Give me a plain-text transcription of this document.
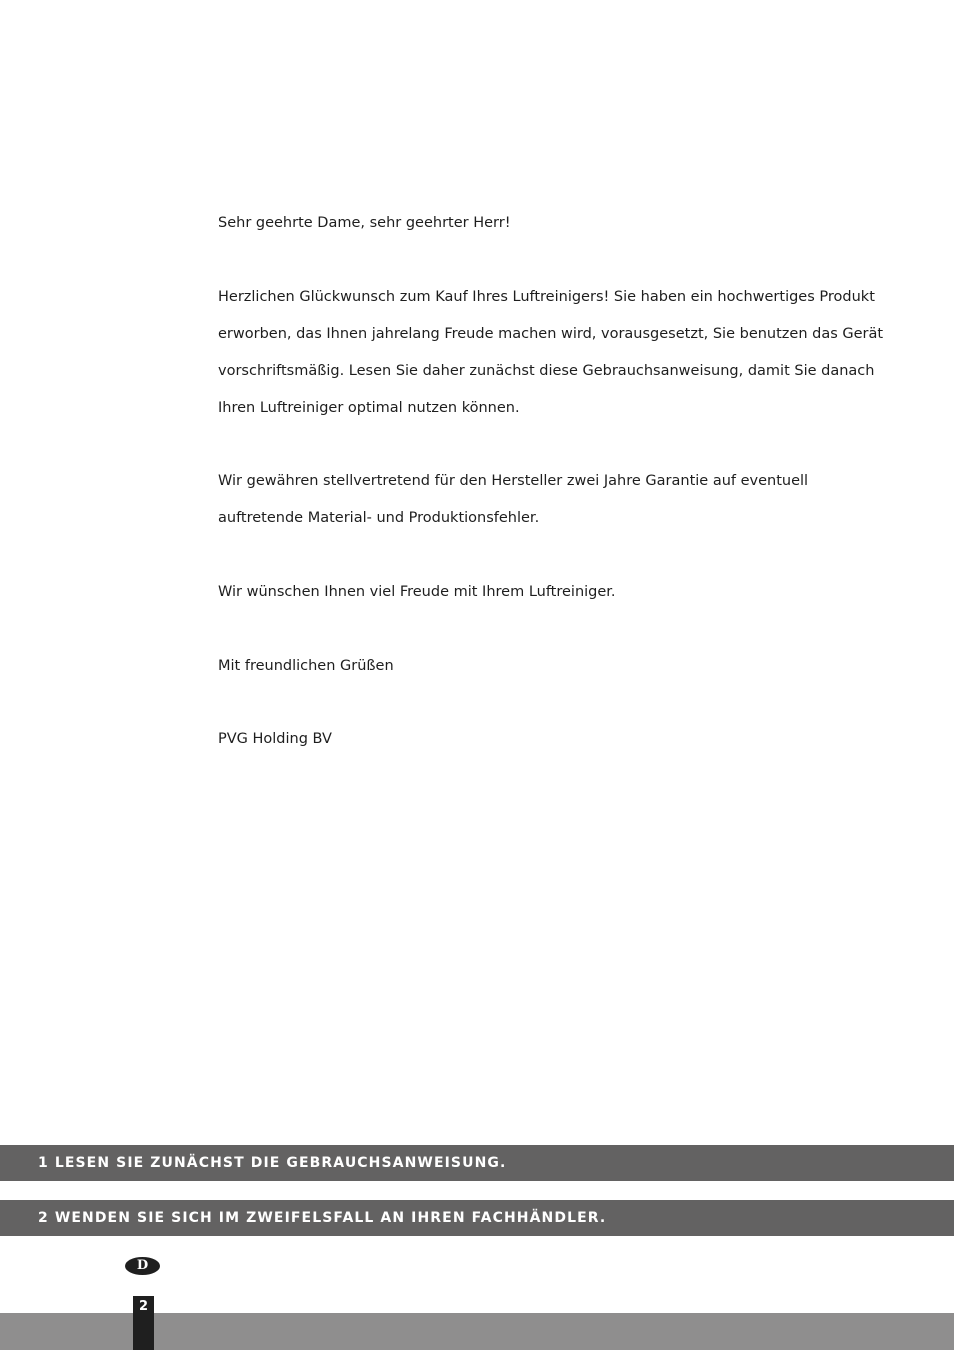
Sehr geehrte Dame, sehr geehrter Herr!

Herzlichen Glückwunsch zum Kauf Ihres Luftreinigers! Sie haben ein hochwertiges Produkt

erworben, das Ihnen jahrelang Freude machen wird, vorausgesetzt, Sie benutzen das Gerät

vorschriftsmäßig. Lesen Sie daher zunächst diese Gebrauchsanweisung, damit Sie danach

Ihren Luftreiniger optimal nutzen können.

Wir gewähren stellvertretend für den Hersteller zwei Jahre Garantie auf eventuell

auftretende Material- und Produktionsfehler.

Wir wünschen Ihnen viel Freude mit Ihrem Luftreiniger.

Mit freundlichen Grüßen

PVG Holding BV

1 LESEN SIE ZUNÄCHST DIE GEBRAUCHSANWEISUNG.
2 WENDEN SIE SICH IM ZWEIFELSFALL AN IHREN FACHHÄNDLER.
D
2
